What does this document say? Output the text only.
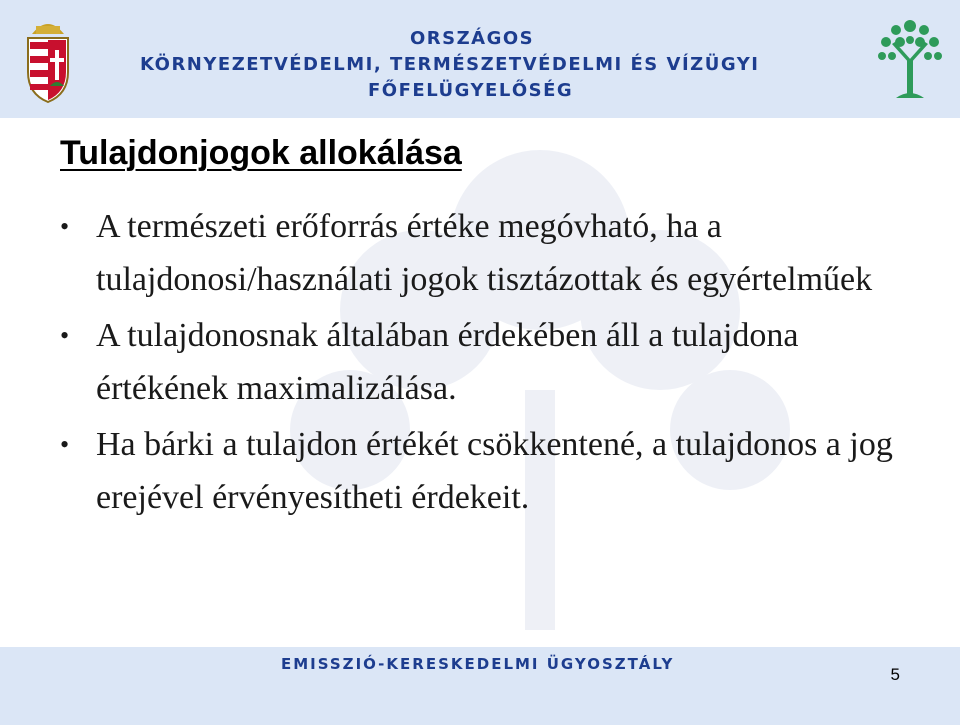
ORSZÁGOS
KÖRNYEZETVÉDELMI, TERMÉSZETVÉDELMI ÉS VÍZÜGYI
FŐFELÜGYELŐSÉG
Tulajdonjogok allokálása
• A természeti erőforrás értéke megóvható, ha a tulajdonosi/használati jogok tisztázottak és egyértelműek
• A tulajdonosnak általában érdekében áll a tulajdona értékének maximalizálása.
• Ha bárki a tulajdon értékét csökkentené, a tulajdonos a jog erejével érvényesítheti érdekeit.
EMISSZIÓ-KERESKEDELMI ÜGYOSZTÁLY
5
